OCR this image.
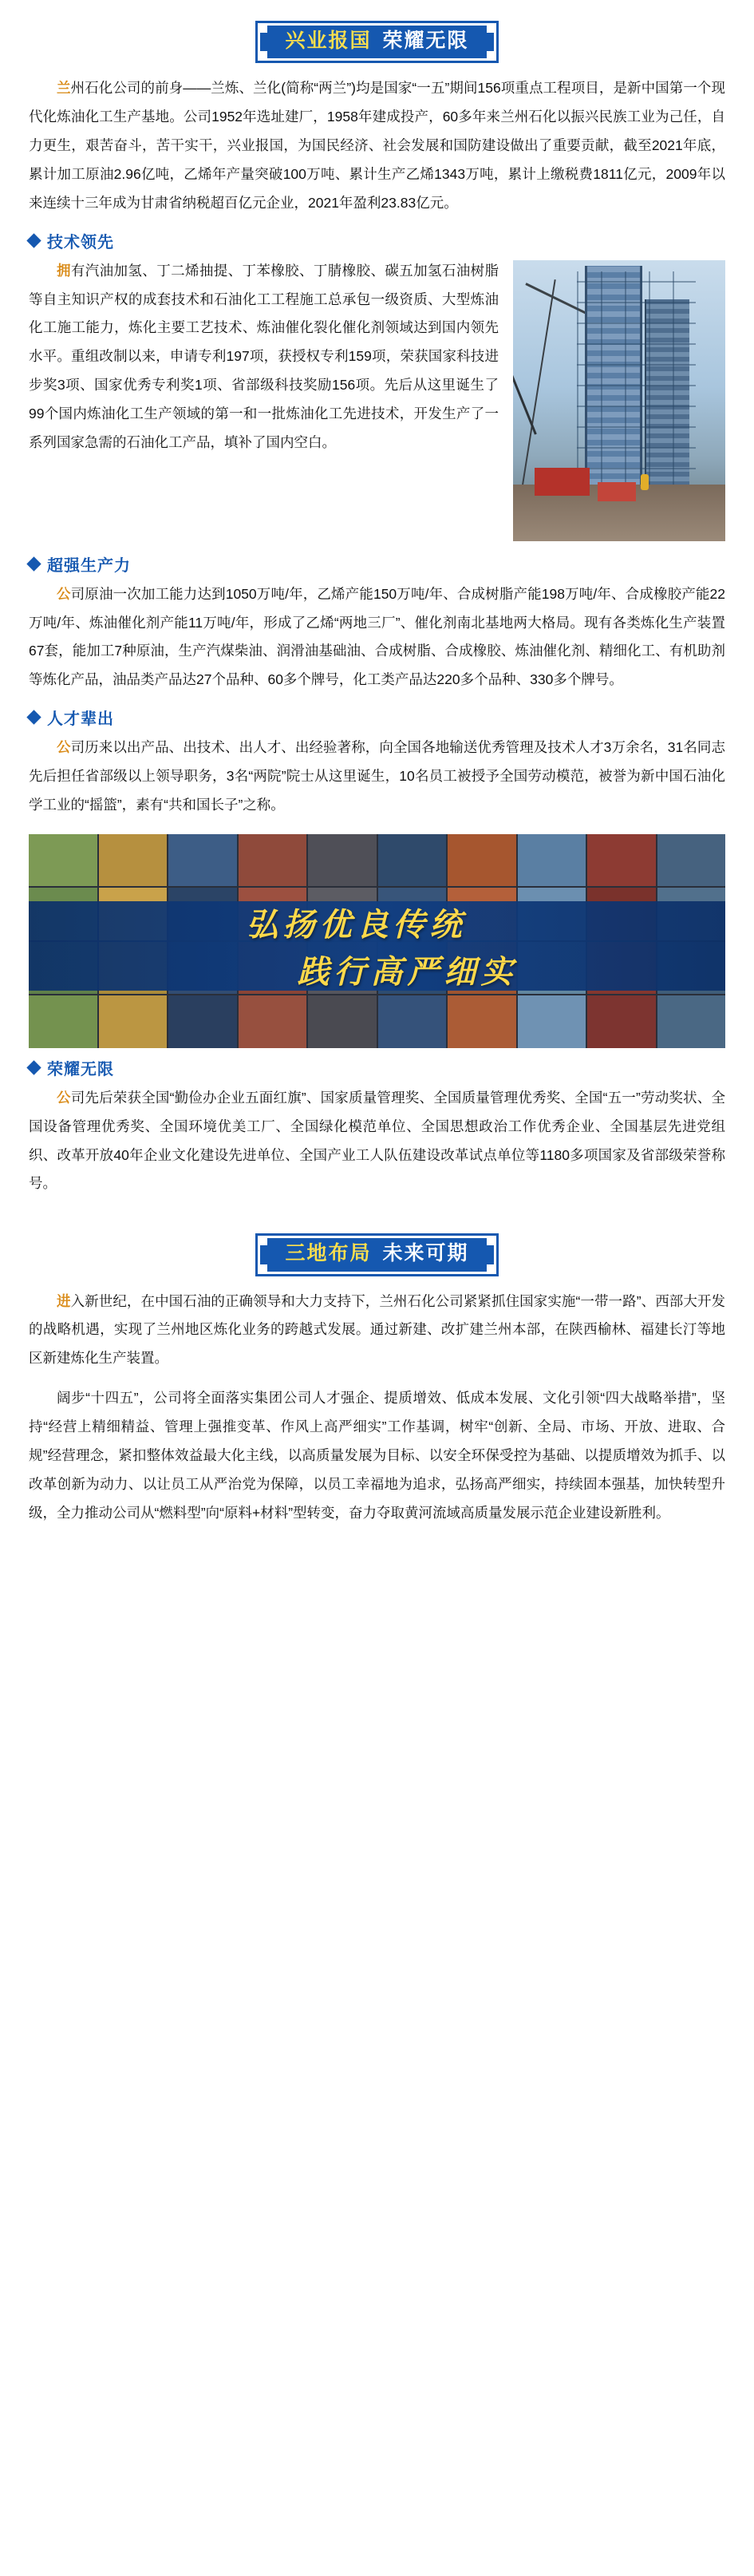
兴业报国 荣耀无限

兰州石化公司的前身——兰炼、兰化(简称“两兰”)均是国家“一五”期间156项重点工程项目，是新中国第一个现代化炼油化工生产基地。公司1952年选址建厂，1958年建成投产，60多年来兰州石化以振兴民族工业为己任，自力更生，艰苦奋斗，苦干实干，兴业报国，为国民经济、社会发展和国防建设做出了重要贡献，截至2021年底，累计加工原油2.96亿吨，乙烯年产量突破100万吨、累计生产乙烯1343万吨，累计上缴税费1811亿元，2009年以来连续十三年成为甘肃省纳税超百亿元企业，2021年盈利23.83亿元。

技术领先

拥有汽油加氢、丁二烯抽提、丁苯橡胶、丁腈橡胶、碳五加氢石油树脂等自主知识产权的成套技术和石油化工工程施工总承包一级资质、大型炼油化工施工能力，炼化主要工艺技术、炼油催化裂化催化剂领域达到国内领先水平。重组改制以来，申请专利197项，获授权专利159项，荣获国家科技进步奖3项、国家优秀专利奖1项、省部级科技奖励156项。先后从这里诞生了99个国内炼油化工生产领域的第一和一批炼油化工先进技术，开发生产了一系列国家急需的石油化工产品，填补了国内空白。

超强生产力

公司原油一次加工能力达到1050万吨/年，乙烯产能150万吨/年、合成树脂产能198万吨/年、合成橡胶产能22万吨/年、炼油催化剂产能11万吨/年，形成了乙烯“两地三厂”、催化剂南北基地两大格局。现有各类炼化生产装置67套，能加工7种原油，生产汽煤柴油、润滑油基础油、合成树脂、合成橡胶、炼油催化剂、精细化工、有机助剂等炼化产品，油品类产品达27个品种、60多个牌号，化工类产品达220多个品种、330多个牌号。

人才辈出

公司历来以出产品、出技术、出人才、出经验著称，向全国各地输送优秀管理及技术人才3万余名，31名同志先后担任省部级以上领导职务，3名“两院”院士从这里诞生，10名员工被授予全国劳动模范，被誉为新中国石油化学工业的“摇篮”，素有“共和国长子”之称。

弘扬优良传统
践行高严细实
荣耀无限

公司先后荣获全国“勤俭办企业五面红旗”、国家质量管理奖、全国质量管理优秀奖、全国“五一”劳动奖状、全国设备管理优秀奖、全国环境优美工厂、全国绿化模范单位、全国思想政治工作优秀企业、全国基层先进党组织、改革开放40年企业文化建设先进单位、全国产业工人队伍建设改革试点单位等1180多项国家及省部级荣誉称号。

三地布局 未来可期

进入新世纪，在中国石油的正确领导和大力支持下，兰州石化公司紧紧抓住国家实施“一带一路”、西部大开发的战略机遇，实现了兰州地区炼化业务的跨越式发展。通过新建、改扩建兰州本部，在陕西榆林、福建长汀等地区新建炼化生产装置。

阔步“十四五”，公司将全面落实集团公司人才强企、提质增效、低成本发展、文化引领“四大战略举措”，坚持“经营上精细精益、管理上强推变革、作风上高严细实”工作基调，树牢“创新、全局、市场、开放、进取、合规”经营理念，紧扣整体效益最大化主线，以高质量发展为目标、以安全环保受控为基础、以提质增效为抓手、以改革创新为动力、以让员工从严治党为保障，以员工幸福地为追求，弘扬高严细实，持续固本强基，加快转型升级，全力推动公司从“燃料型”向“原料+材料”型转变，奋力夺取黄河流域高质量发展示范企业建设新胜利。
